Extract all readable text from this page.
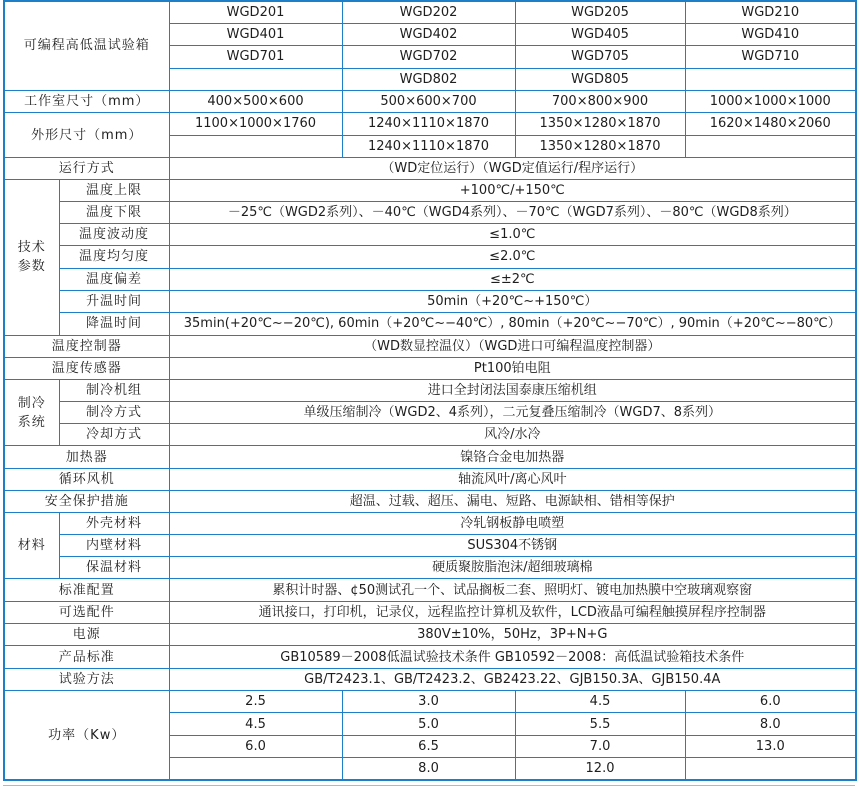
可编程高低温试验箱		WGD201	WGD202	WGD205	WGD210
		WGD401	WGD402	WGD405	WGD410
		WGD701	WGD702	WGD705	WGD710
			WGD802	WGD805	
工作室尺寸（mm）		400×500×600	500×600×700	700×800×900	1000×1000×1000
外形尺寸（mm）		1100×1000×1760	1240×1110×1870	1350×1280×1870	1620×1480×2060
			1240×1110×1870	1350×1280×1870	
运行方式		（WD定位运行）（WGD定值运行/程序运行）			
技术
参数	温度上限	+100℃/+150℃			
	温度下限	－25℃（WGD2系列）、－40℃（WGD4系列）、－70℃（WGD7系列）、－80℃（WGD8系列）			
	温度波动度	≤1.0℃			
	温度均匀度	≤2.0℃			
	温度偏差	≤±2℃			
	升温时间	50min（+20℃~+150℃）			
	降温时间	35min(+20℃~−20℃), 60min（+20℃~−40℃）, 80min（+20℃~−70℃）, 90min（+20℃~−80℃）			
温度控制器		（WD数显控温仪）（WGD进口可编程温度控制器）			
温度传感器		Pt100铂电阻			
制冷
系统	制冷机组	进口全封闭法国泰康压缩机组			
	制冷方式	单级压缩制冷（WGD2、4系列），二元复叠压缩制冷（WGD7、8系列）			
	冷却方式	风冷/水冷			
加热器		镍铬合金电加热器			
循环风机		轴流风叶/离心风叶			
安全保护措施		超温、过载、超压、漏电、短路、电源缺相、错相等保护			
材料	外壳材料	冷轧钢板静电喷塑			
	内壁材料	SUS304不锈钢			
	保温材料	硬质聚胺脂泡沫/超细玻璃棉			
标准配置		累积计时器、¢50测试孔一个、试品搁板二套、照明灯、镀电加热膜中空玻璃观察窗			
可选配件		通讯接口，打印机，记录仪，远程监控计算机及软件，LCD液晶可编程触摸屏程序控制器			
电源		380V±10%，50Hz，3P+N+G			
产品标准		GB10589－2008低温试验技术条件 GB10592－2008：高低温试验箱技术条件			
试验方法		GB/T2423.1、GB/T2423.2、GB2423.22、GJB150.3A、GJB150.4A			
功率（Kw）		2.5	3.0	4.5	6.0
		4.5	5.0	5.5	8.0
		6.0	6.5	7.0	13.0
			8.0	12.0	
